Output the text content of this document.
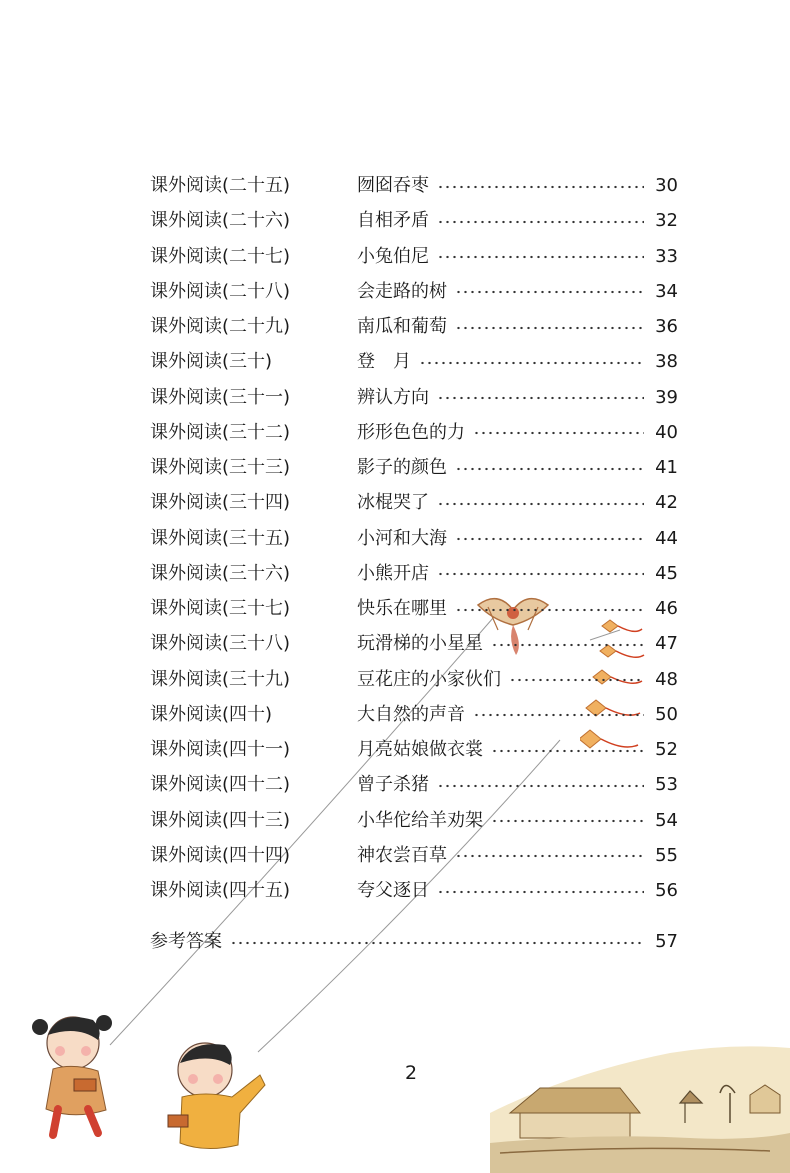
课外阅读(二十五)	囫囵吞枣	30
课外阅读(二十六)	自相矛盾	32
课外阅读(二十七)	小兔伯尼	33
课外阅读(二十八)	会走路的树	34
课外阅读(二十九)	南瓜和葡萄	36
课外阅读(三十)	登　月	38
课外阅读(三十一)	辨认方向	39
课外阅读(三十二)	形形色色的力	40
课外阅读(三十三)	影子的颜色	41
课外阅读(三十四)	冰棍哭了	42
课外阅读(三十五)	小河和大海	44
课外阅读(三十六)	小熊开店	45
课外阅读(三十七)	快乐在哪里	46
课外阅读(三十八)	玩滑梯的小星星	47
课外阅读(三十九)	豆花庄的小家伙们	48
课外阅读(四十)	大自然的声音	50
课外阅读(四十一)	月亮姑娘做衣裳	52
课外阅读(四十二)	曾子杀猪	53
课外阅读(四十三)	小华佗给羊劝架	54
课外阅读(四十四)	神农尝百草	55
课外阅读(四十五)	夸父逐日	56
参考答案	57
2
